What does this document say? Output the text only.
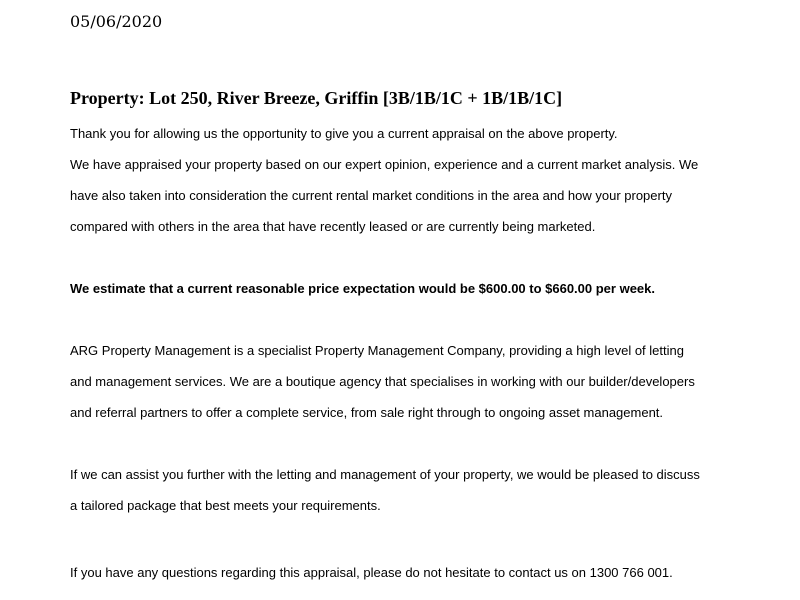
05/06/2020
Property: Lot 250, River Breeze, Griffin [3B/1B/1C + 1B/1B/1C]

Thank you for allowing us the opportunity to give you a current appraisal on the above property.
We have appraised your property based on our expert opinion, experience and a current market analysis. We
have also taken into consideration the current rental market conditions in the area and how your property
compared with others in the area that have recently leased or are currently being marketed.

We estimate that a current reasonable price expectation would be $600.00 to $660.00 per week.

ARG Property Management is a specialist Property Management Company, providing a high level of letting
and management services. We are a boutique agency that specialises in working with our builder/developers
and referral partners to offer a complete service, from sale right through to ongoing asset management.

If we can assist you further with the letting and management of your property, we would be pleased to discuss
a tailored package that best meets your requirements.

If you have any questions regarding this appraisal, please do not hesitate to contact us on 1300 766 001.
